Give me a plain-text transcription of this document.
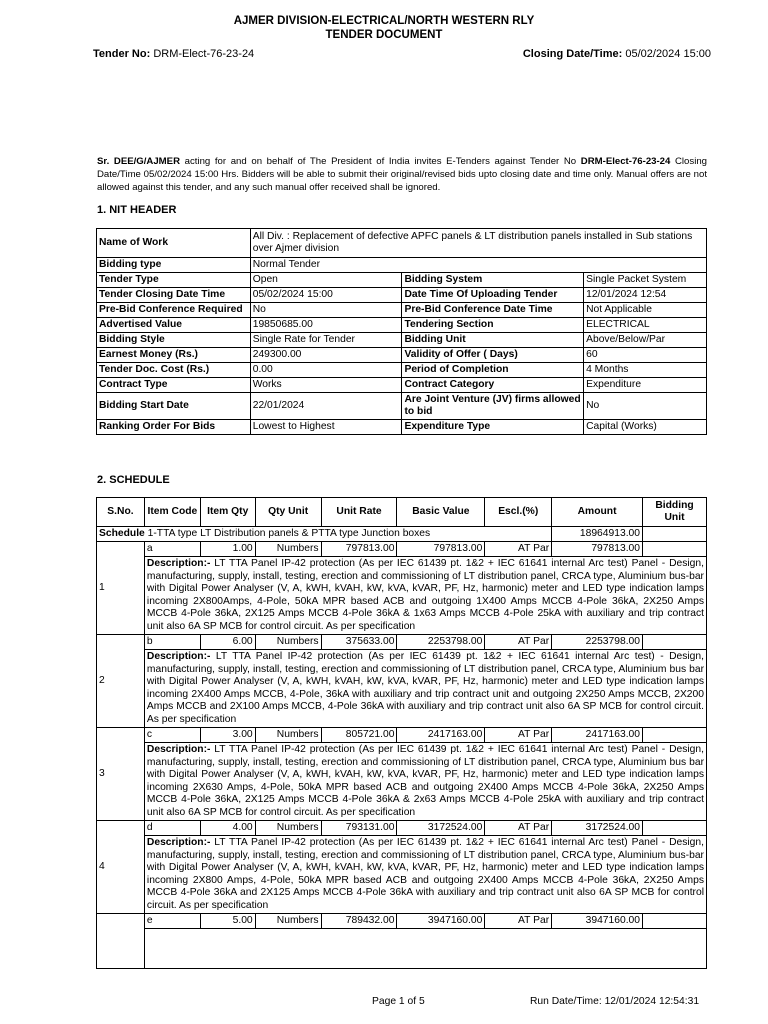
AJMER DIVISION-ELECTRICAL/NORTH WESTERN RLY
TENDER DOCUMENT
Tender No: DRM-Elect-76-23-24	Closing Date/Time: 05/02/2024 15:00
Sr. DEE/G/AJMER acting for and on behalf of The President of India invites E-Tenders against Tender No DRM-Elect-76-23-24 Closing Date/Time 05/02/2024 15:00 Hrs. Bidders will be able to submit their original/revised bids upto closing date and time only. Manual offers are not allowed against this tender, and any such manual offer received shall be ignored.
1. NIT HEADER
Name of Work	All Div. : Replacement of defective APFC panels & LT distribution panels installed in Sub stations over Ajmer division		
Bidding type	Normal Tender		
Tender Type	Open	Bidding System	Single Packet System
Tender Closing Date Time	05/02/2024 15:00	Date Time Of Uploading Tender	12/01/2024 12:54
Pre-Bid Conference Required	No	Pre-Bid Conference Date Time	Not Applicable
Advertised Value	19850685.00	Tendering Section	ELECTRICAL
Bidding Style	Single Rate for Tender	Bidding Unit	Above/Below/Par
Earnest Money (Rs.)	249300.00	Validity of Offer ( Days)	60
Tender Doc. Cost (Rs.)	0.00	Period of Completion	4 Months
Contract Type	Works	Contract Category	Expenditure
Bidding Start Date	22/01/2024	Are Joint Venture (JV) firms allowed to bid	No
Ranking Order For Bids	Lowest to Highest	Expenditure Type	Capital (Works)
2. SCHEDULE
S.No.	Item Code	Item Qty	Qty Unit	Unit Rate	Basic Value	Escl.(%)	Amount	Bidding Unit
Schedule 1-TTA type LT Distribution panels & PTTA type Junction boxes							18964913.00	
1	a	1.00	Numbers	797813.00	797813.00	AT Par	797813.00	
	Description:- LT TTA Panel IP-42 protection (As per IEC 61439 pt. 1&2 + IEC 61641 internal Arc test) Panel - Design, manufacturing, supply, install, testing, erection and commissioning of LT distribution panel, CRCA type, Aluminium bus-bar with Digital Power Analyser (V, A, kWH, kVAH, kW, kVA, kVAR, PF, Hz, harmonic) meter and LED type indication lamps incoming 2X800Amps, 4-Pole, 50kA MPR based ACB and outgoing 1X400 Amps MCCB 4-Pole 36kA, 2X250 Amps MCCB 4-Pole 36kA, 2X125 Amps MCCB 4-Pole 36kA & 1x63 Amps MCCB 4-Pole 25kA with auxiliary and trip contract unit also 6A SP MCB for control circuit. As per specification							
2	b	6.00	Numbers	375633.00	2253798.00	AT Par	2253798.00	
	Description:- LT TTA Panel IP-42 protection (As per IEC 61439 pt. 1&2 + IEC 61641 internal Arc test) - Design, manufacturing, supply, install, testing, erection and commissioning of LT distribution panel, CRCA type, Aluminium bus bar with Digital Power Analyser (V, A, kWH, kVAH, kW, kVA, kVAR, PF, Hz, harmonic) meter and LED type indication lamps incoming 2X400 Amps MCCB, 4-Pole, 36kA with auxiliary and trip contract unit and outgoing 2X250 Amps MCCB, 2X200 Amps MCCB and 2X100 Amps MCCB, 4-Pole 36kA with auxiliary and trip contract unit also 6A SP MCB for control circuit. As per specification							
3	c	3.00	Numbers	805721.00	2417163.00	AT Par	2417163.00	
	Description:- LT TTA Panel IP-42 protection (As per IEC 61439 pt. 1&2 + IEC 61641 internal Arc test) Panel - Design, manufacturing, supply, install, testing, erection and commissioning of LT distribution panel, CRCA type, Aluminium bus bar with Digital Power Analyser (V, A, kWH, kVAH, kW, kVA, kVAR, PF, Hz, harmonic) meter and LED type indication lamps incoming 2X630 Amps, 4-Pole, 50kA MPR based ACB and outgoing 2X400 Amps MCCB 4-Pole 36kA, 2X250 Amps MCCB 4-Pole 36kA, 2X125 Amps MCCB 4-Pole 36kA & 2x63 Amps MCCB 4-Pole 25kA with auxiliary and trip contract unit also 6A SP MCB for control circuit. As per specification							
4	d	4.00	Numbers	793131.00	3172524.00	AT Par	3172524.00	
	Description:- LT TTA Panel IP-42 protection (As per IEC 61439 pt. 1&2 + IEC 61641 internal Arc test) Panel - Design, manufacturing, supply, install, testing, erection and commissioning of LT distribution panel, CRCA type, Aluminium bus-bar with Digital Power Analyser (V, A, kWH, kVAH, kW, kVA, kVAR, PF, Hz, harmonic) meter and LED type indication lamps incoming 2X800 Amps, 4-Pole, 50kA MPR based ACB and outgoing 2X400 Amps MCCB 4-Pole 36kA, 2X250 Amps MCCB 4-Pole 36kA and 2X125 Amps MCCB 4-Pole 36kA with auxiliary and trip contract unit also 6A SP MCB for control circuit. As per specification							
	e	5.00	Numbers	789432.00	3947160.00	AT Par	3947160.00	

Page 1 of 5	Run Date/Time: 12/01/2024 12:54:31
